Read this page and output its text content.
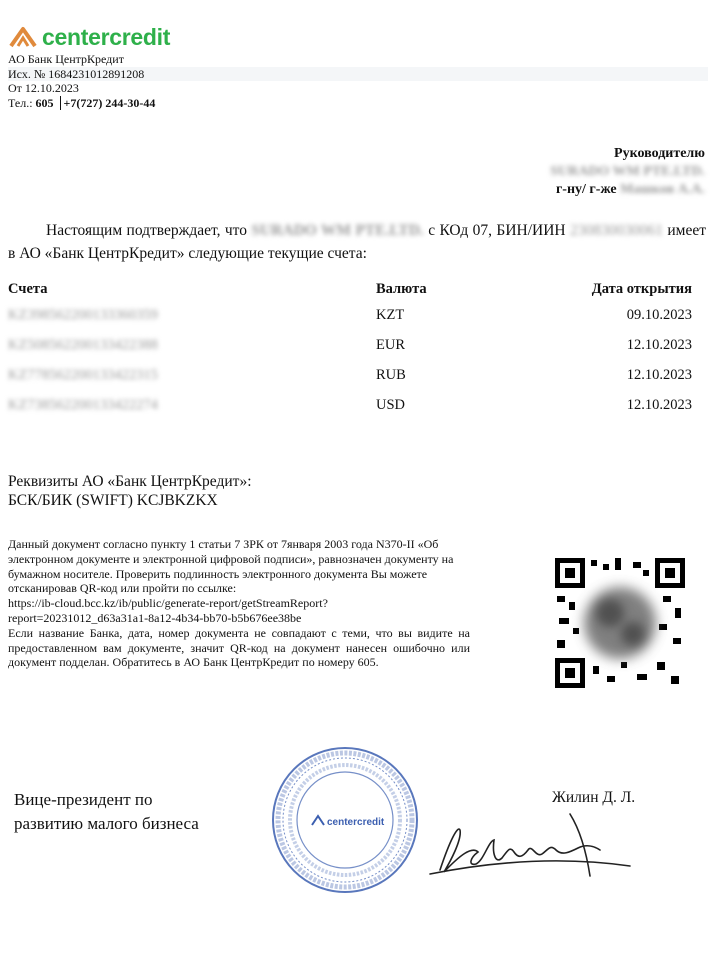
centercredit
АО Банк ЦентрКредит
Исх. № 1684231012891208
От 12.10.2023
Тел.: 605 +7(727) 244-30-44
Руководителю
SURADO WM PTE.LTD.
г-ну/ г-же Машков А.А.
Настоящим подтверждает, что SURADO WM PTE.LTD. с КОд 07, БИН/ИИН 230830030061 имеет в АО «Банк ЦентрКредит» следующие текущие счета:
Счета	Валюта	Дата открытия
KZ398562200133360359	KZT	09.10.2023
KZ508562200133422388	EUR	12.10.2023
KZ778562200133422315	RUB	12.10.2023
KZ738562200133422274	USD	12.10.2023
Реквизиты АО «Банк ЦентрКредит»:
БСК/БИК (SWIFT) KCJBKZKX
Данный документ согласно пункту 1 статьи 7 ЗРК от 7января 2003 года N370-II «Об электронном документе и электронной цифровой подписи», равнозначен документу на бумажном носителе. Проверить подлинность электронного документа Вы можете отсканировав QR-код или пройти по ссылке:
https://ib-cloud.bcc.kz/ib/public/generate-report/getStreamReport?
report=20231012_d63a31a1-8a12-4b34-bb70-b5b676ee38be
Если название Банка, дата, номер документа не совпадают с теми, что вы видите на предоставленном вам документе, значит QR-код на документ нанесен ошибочно или документ подделан. Обратитесь в АО Банк ЦентрКредит по номеру 605.
Вице-президент по
развитию малого бизнеса	centercredit
Жилин Д. Л.
